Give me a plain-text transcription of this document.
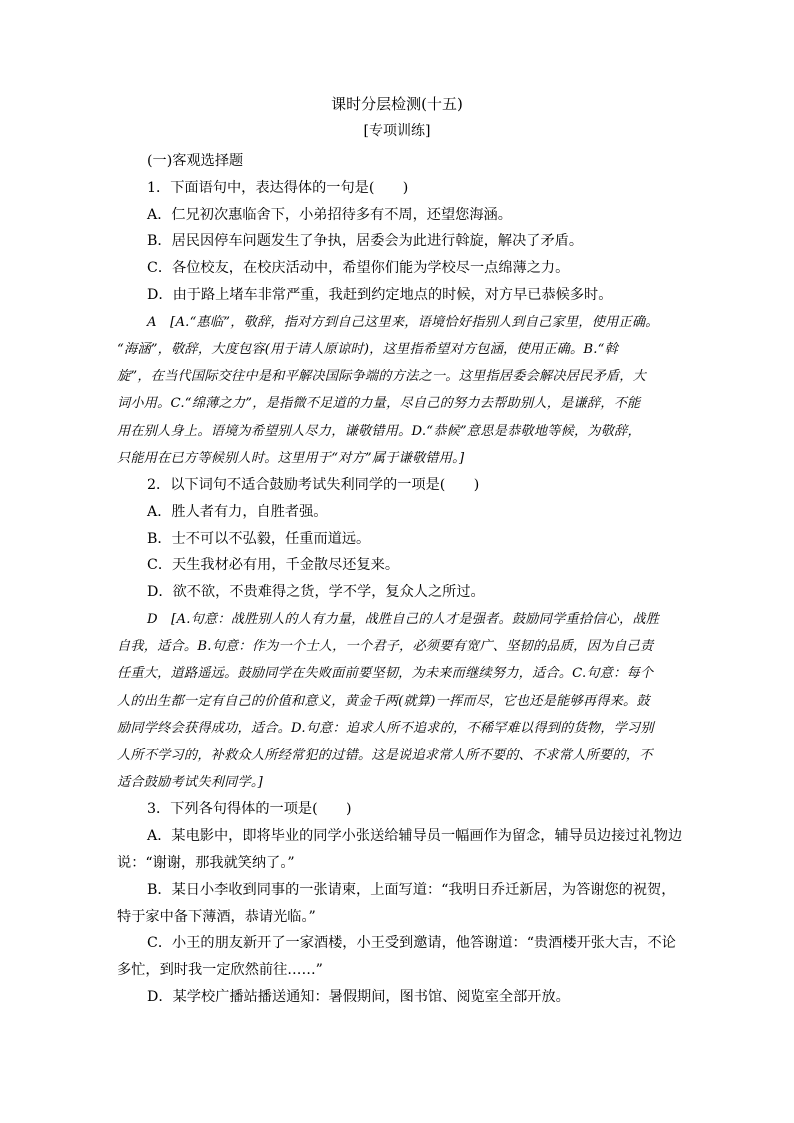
课时分层检测(十五)
[专项训练]
(一)客观选择题
1．下面语句中，表达得体的一句是(　　)
A．仁兄初次惠临舍下，小弟招待多有不周，还望您海涵。
B．居民因停车问题发生了争执，居委会为此进行斡旋，解决了矛盾。
C．各位校友，在校庆活动中，希望你们能为学校尽一点绵薄之力。
D．由于路上堵车非常严重，我赶到约定地点的时候，对方早已恭候多时。
A　[A.“惠临”，敬辞，指对方到自己这里来，语境恰好指别人到自己家里，使用正确。
“海涵”，敬辞，大度包容(用于请人原谅时)，这里指希望对方包涵，使用正确。B.“斡
旋”，在当代国际交往中是和平解决国际争端的方法之一。这里指居委会解决居民矛盾，大
词小用。C.“绵薄之力”，是指微不足道的力量，尽自己的努力去帮助别人，是谦辞，不能
用在别人身上。语境为希望别人尽力，谦敬错用。D.“恭候”意思是恭敬地等候，为敬辞，
只能用在已方等候别人时。这里用于“对方”属于谦敬错用。]
2．以下词句不适合鼓励考试失利同学的一项是(　　)
A．胜人者有力，自胜者强。
B．士不可以不弘毅，任重而道远。
C．天生我材必有用，千金散尽还复来。
D．欲不欲，不贵难得之货，学不学，复众人之所过。
D　[A.句意：战胜别人的人有力量，战胜自己的人才是强者。鼓励同学重拾信心，战胜
自我，适合。B.句意：作为一个士人，一个君子，必须要有宽广、坚韧的品质，因为自己责
任重大，道路遥远。鼓励同学在失败面前要坚韧，为未来而继续努力，适合。C.句意：每个
人的出生都一定有自己的价值和意义，黄金千两(就算)一挥而尽，它也还是能够再得来。鼓
励同学终会获得成功，适合。D.句意：追求人所不追求的，不稀罕难以得到的货物，学习别
人所不学习的，补救众人所经常犯的过错。这是说追求常人所不要的、不求常人所要的，不
适合鼓励考试失利同学。]
3．下列各句得体的一项是(　　)
A．某电影中，即将毕业的同学小张送给辅导员一幅画作为留念，辅导员边接过礼物边
说：“谢谢，那我就笑纳了。”
B．某日小李收到同事的一张请柬，上面写道：“我明日乔迁新居，为答谢您的祝贺，
特于家中备下薄酒，恭请光临。”
C．小王的朋友新开了一家酒楼，小王受到邀请，他答谢道：“贵酒楼开张大吉，不论
多忙，到时我一定欣然前往……”
D．某学校广播站播送通知：暑假期间，图书馆、阅览室全部开放。
